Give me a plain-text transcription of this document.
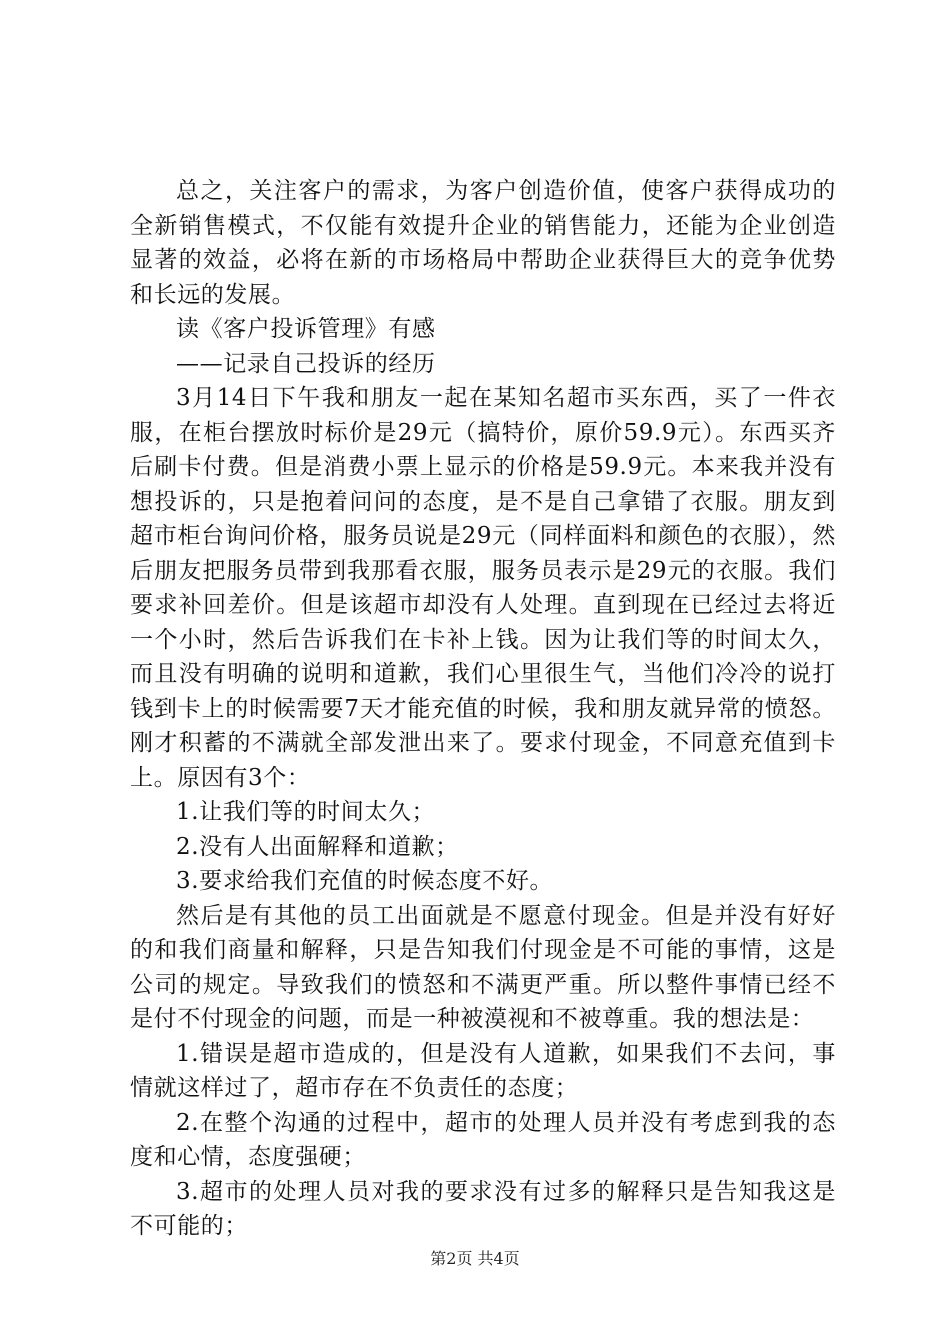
总之，关注客户的需求，为客户创造价值，使客户获得成功的全新销售模式，不仅能有效提升企业的销售能力，还能为企业创造显著的效益，必将在新的市场格局中帮助企业获得巨大的竞争优势和长远的发展。

读《客户投诉管理》有感

——记录自己投诉的经历

3月14日下午我和朋友一起在某知名超市买东西，买了一件衣服，在柜台摆放时标价是29元（搞特价，原价59.9元）。东西买齐后刷卡付费。但是消费小票上显示的价格是59.9元。本来我并没有想投诉的，只是抱着问问的态度，是不是自己拿错了衣服。朋友到超市柜台询问价格，服务员说是29元（同样面料和颜色的衣服），然后朋友把服务员带到我那看衣服，服务员表示是29元的衣服。我们要求补回差价。但是该超市却没有人处理。直到现在已经过去将近一个小时，然后告诉我们在卡补上钱。因为让我们等的时间太久，而且没有明确的说明和道歉，我们心里很生气，当他们冷冷的说打钱到卡上的时候需要7天才能充值的时候，我和朋友就异常的愤怒。刚才积蓄的不满就全部发泄出来了。要求付现金，不同意充值到卡上。原因有3个：

1.让我们等的时间太久；

2.没有人出面解释和道歉；

3.要求给我们充值的时候态度不好。

然后是有其他的员工出面就是不愿意付现金。但是并没有好好的和我们商量和解释，只是告知我们付现金是不可能的事情，这是公司的规定。导致我们的愤怒和不满更严重。所以整件事情已经不是付不付现金的问题，而是一种被漠视和不被尊重。我的想法是：

1.错误是超市造成的，但是没有人道歉，如果我们不去问，事情就这样过了，超市存在不负责任的态度；

2.在整个沟通的过程中，超市的处理人员并没有考虑到我的态度和心情，态度强硬；

3.超市的处理人员对我的要求没有过多的解释只是告知我这是不可能的；

第2页 共4页
